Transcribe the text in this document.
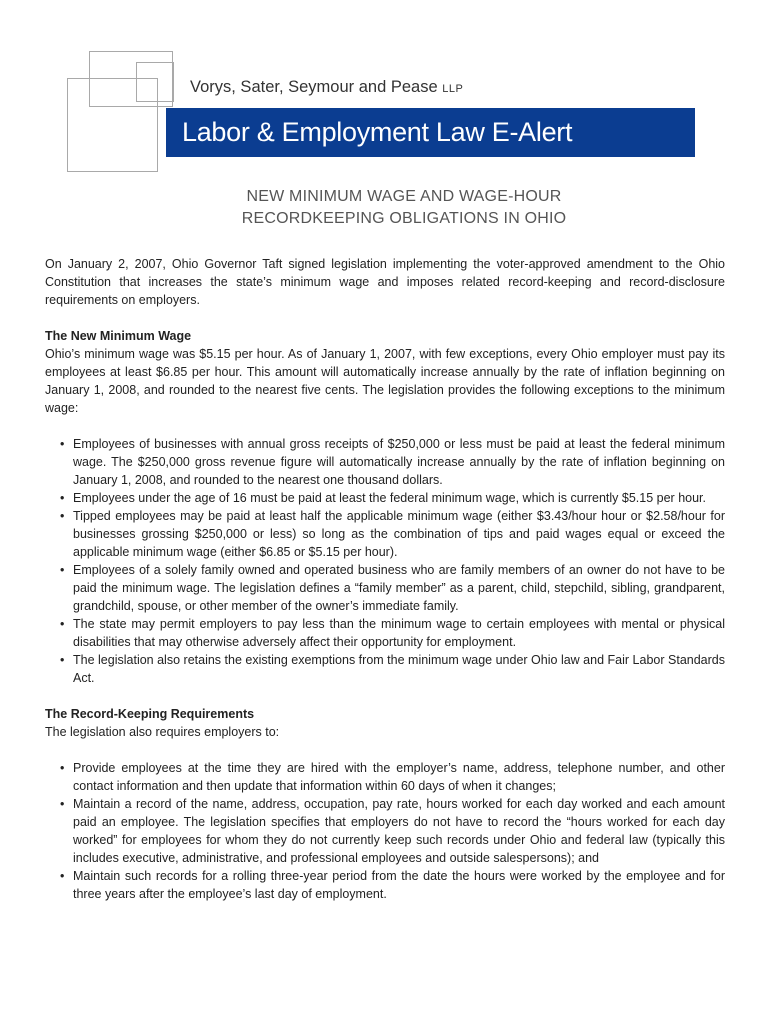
Vorys, Sater, Seymour and Pease LLP
Labor & Employment Law E-Alert
NEW MINIMUM WAGE AND WAGE-HOUR
RECORDKEEPING OBLIGATIONS IN OHIO

On January 2, 2007, Ohio Governor Taft signed legislation implementing the voter-approved amendment to the Ohio Constitution that increases the state’s minimum wage and imposes related record-keeping and record-disclosure requirements on employers.

The New Minimum Wage

Ohio’s minimum wage was $5.15 per hour. As of January 1, 2007, with few exceptions, every Ohio employer must pay its employees at least $6.85 per hour. This amount will automatically increase annually by the rate of inflation beginning on January 1, 2008, and rounded to the nearest five cents. The legislation provides the following exceptions to the minimum wage:

• Employees of businesses with annual gross receipts of $250,000 or less must be paid at least the federal minimum wage. The $250,000 gross revenue figure will automatically increase annually by the rate of inflation beginning on January 1, 2008, and rounded to the nearest one thousand dollars.
• Employees under the age of 16 must be paid at least the federal minimum wage, which is currently $5.15 per hour.
• Tipped employees may be paid at least half the applicable minimum wage (either $3.43/hour hour or $2.58/hour for businesses grossing $250,000 or less) so long as the combination of tips and paid wages equal or exceed the applicable minimum wage (either $6.85 or $5.15 per hour).
• Employees of a solely family owned and operated business who are family members of an owner do not have to be paid the minimum wage. The legislation defines a “family member” as a parent, child, stepchild, sibling, grandparent, grandchild, spouse, or other member of the owner’s immediate family.
• The state may permit employers to pay less than the minimum wage to certain employees with mental or physical disabilities that may otherwise adversely affect their opportunity for employment.
• The legislation also retains the existing exemptions from the minimum wage under Ohio law and Fair Labor Standards Act.
The Record-Keeping Requirements

The legislation also requires employers to:

• Provide employees at the time they are hired with the employer’s name, address, telephone number, and other contact information and then update that information within 60 days of when it changes;
• Maintain a record of the name, address, occupation, pay rate, hours worked for each day worked and each amount paid an employee. The legislation specifies that employers do not have to record the “hours worked for each day worked” for employees for whom they do not currently keep such records under Ohio and federal law (typically this includes executive, administrative, and professional employees and outside salespersons); and
• Maintain such records for a rolling three-year period from the date the hours were worked by the employee and for three years after the employee’s last day of employment.
